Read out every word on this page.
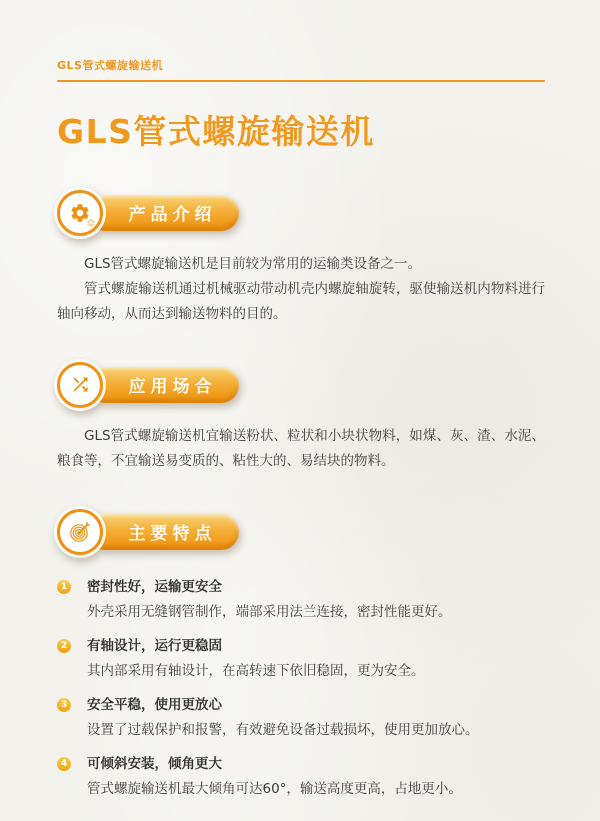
GLS管式螺旋输送机
GLS管式螺旋输送机
产品介绍

GLS管式螺旋输送机是目前较为常用的运输类设备之一。

管式螺旋输送机通过机械驱动带动机壳内螺旋轴旋转，驱使输送机内物料进行轴向移动，从而达到输送物料的目的。

应用场合

GLS管式螺旋输送机宜输送粉状、粒状和小块状物料，如煤、灰、渣、水泥、粮食等，不宜输送易变质的、粘性大的、易结块的物料。

主要特点
1 密封性好，运输更安全
外壳采用无缝钢管制作，端部采用法兰连接，密封性能更好。
2 有轴设计，运行更稳固
其内部采用有轴设计，在高转速下依旧稳固，更为安全。
3 安全平稳，使用更放心
设置了过载保护和报警，有效避免设备过载损坏，使用更加放心。
4 可倾斜安装，倾角更大
管式螺旋输送机最大倾角可达60°，输送高度更高，占地更小。
